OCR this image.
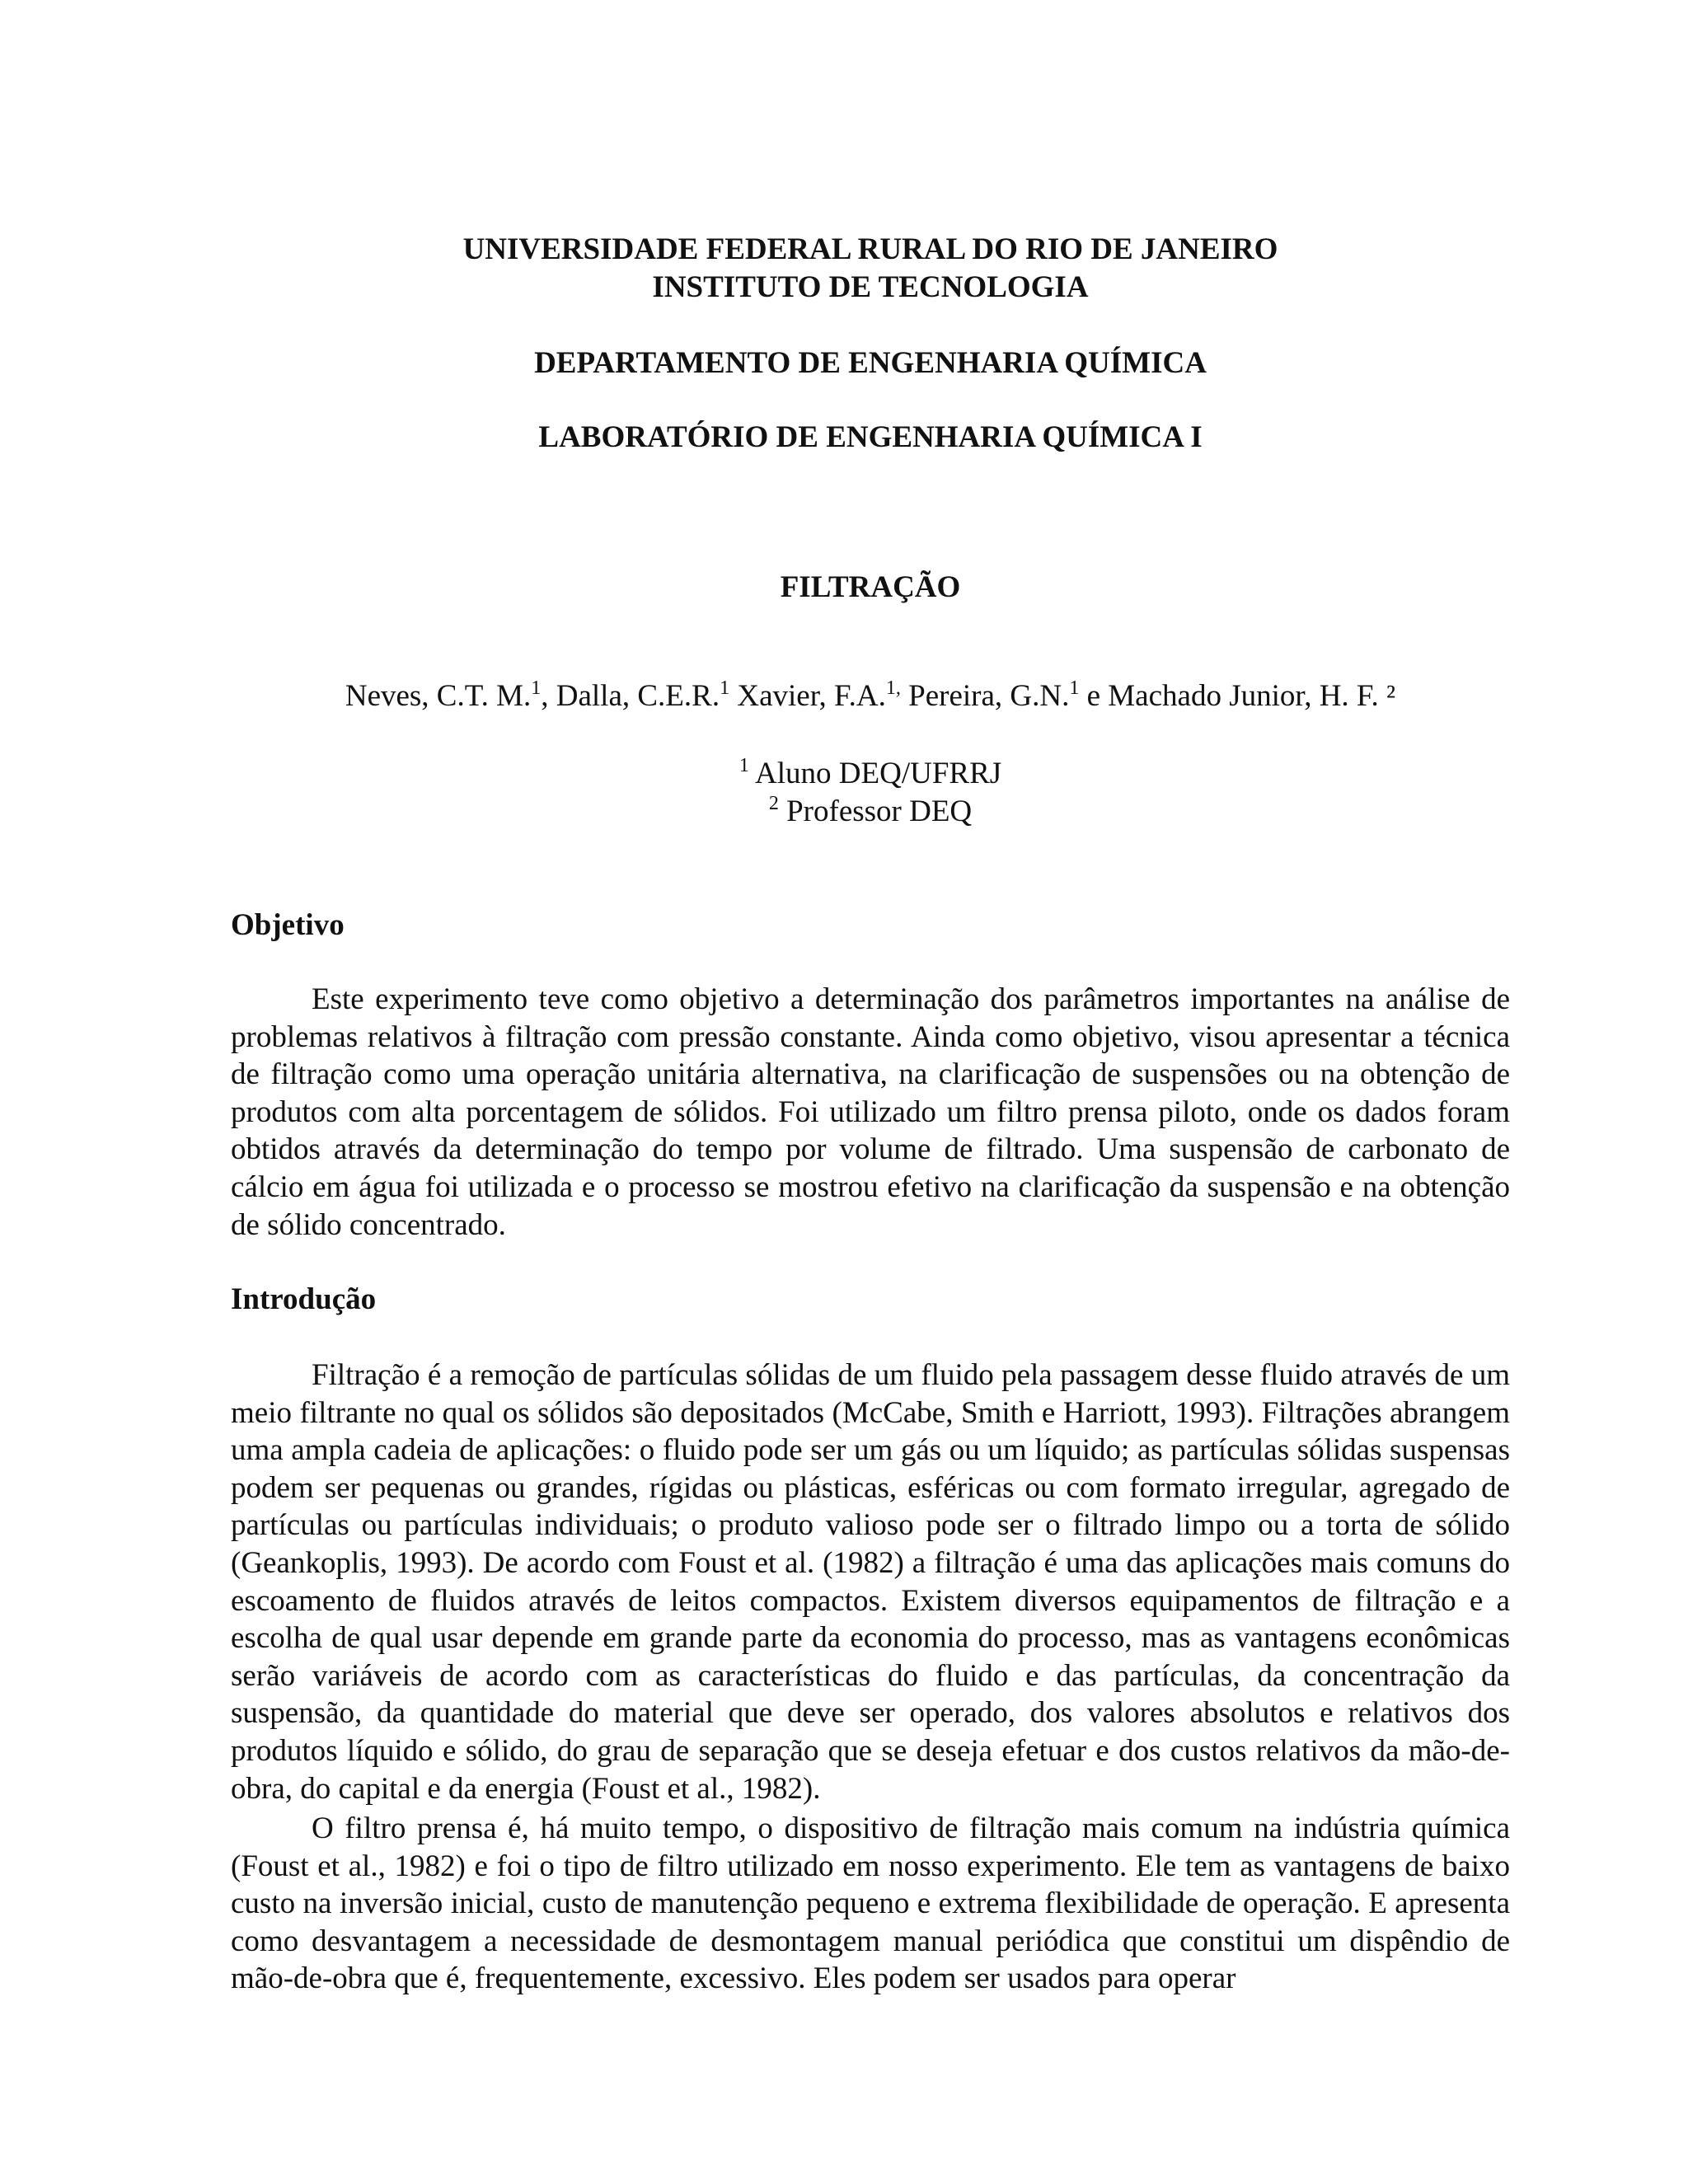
UNIVERSIDADE FEDERAL RURAL DO RIO DE JANEIRO
INSTITUTO DE TECNOLOGIA
DEPARTAMENTO DE ENGENHARIA QUÍMICA
LABORATÓRIO DE ENGENHARIA QUÍMICA I
FILTRAÇÃO
Neves, C.T. M.$^1$, Dalla, C.E.R.$^1$ Xavier, F.A.$^{1,}$ Pereira, G.N.$^1$ e Machado Junior, H. F. ²
$^1$ Aluno DEQ/UFRRJ
$^2$ Professor DEQ
Objetivo

Este experimento teve como objetivo a determinação dos parâmetros importantes na análise de problemas relativos à filtração com pressão constante. Ainda como objetivo, visou apresentar a técnica de filtração como uma operação unitária alternativa, na clarificação de suspensões ou na obtenção de produtos com alta porcentagem de sólidos. Foi utilizado um filtro prensa piloto, onde os dados foram obtidos através da determinação do tempo por volume de filtrado. Uma suspensão de carbonato de cálcio em água foi utilizada e o processo se mostrou efetivo na clarificação da suspensão e na obtenção de sólido concentrado.

Introdução

Filtração é a remoção de partículas sólidas de um fluido pela passagem desse fluido através de um meio filtrante no qual os sólidos são depositados (McCabe, Smith e Harriott, 1993). Filtrações abrangem uma ampla cadeia de aplicações: o fluido pode ser um gás ou um líquido; as partículas sólidas suspensas podem ser pequenas ou grandes, rígidas ou plásticas, esféricas ou com formato irregular, agregado de partículas ou partículas individuais; o produto valioso pode ser o filtrado limpo ou a torta de sólido (Geankoplis, 1993). De acordo com Foust et al. (1982) a filtração é uma das aplicações mais comuns do escoamento de fluidos através de leitos compactos. Existem diversos equipamentos de filtração e a escolha de qual usar depende em grande parte da economia do processo, mas as vantagens econômicas serão variáveis de acordo com as características do fluido e das partículas, da concentração da suspensão, da quantidade do material que deve ser operado, dos valores absolutos e relativos dos produtos líquido e sólido, do grau de separação que se deseja efetuar e dos custos relativos da mão-de-obra, do capital e da energia (Foust et al., 1982).

O filtro prensa é, há muito tempo, o dispositivo de filtração mais comum na indústria química (Foust et al., 1982) e foi o tipo de filtro utilizado em nosso experimento. Ele tem as vantagens de baixo custo na inversão inicial, custo de manutenção pequeno e extrema flexibilidade de operação. E apresenta como desvantagem a necessidade de desmontagem manual periódica que constitui um dispêndio de mão-de-obra que é, frequentemente, excessivo. Eles podem ser usados para operar
